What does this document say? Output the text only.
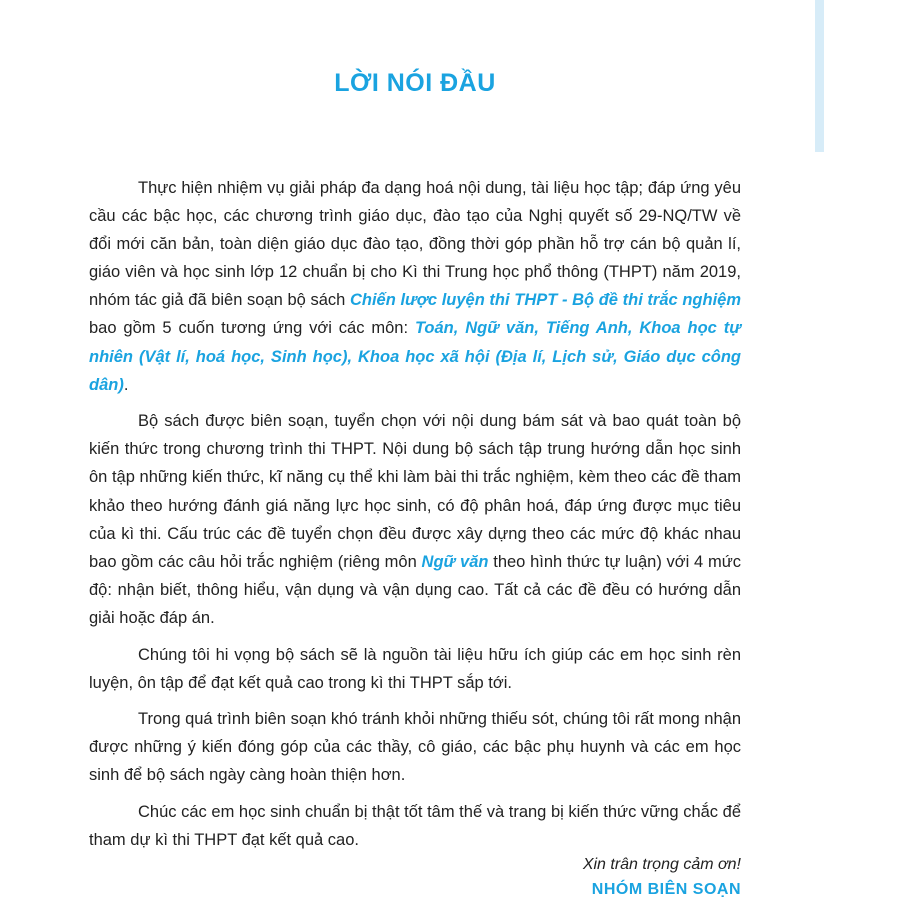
LỜI NÓI ĐẦU

Thực hiện nhiệm vụ giải pháp đa dạng hoá nội dung, tài liệu học tập; đáp ứng yêu cầu các bậc học, các chương trình giáo dục, đào tạo của Nghị quyết số 29-NQ/TW về đổi mới căn bản, toàn diện giáo dục đào tạo, đồng thời góp phần hỗ trợ cán bộ quản lí, giáo viên và học sinh lớp 12 chuẩn bị cho Kì thi Trung học phổ thông (THPT) năm 2019, nhóm tác giả đã biên soạn bộ sách Chiến lược luyện thi THPT - Bộ đề thi trắc nghiệm bao gồm 5 cuốn tương ứng với các môn: Toán, Ngữ văn, Tiếng Anh, Khoa học tự nhiên (Vật lí, hoá học, Sinh học), Khoa học xã hội (Địa lí, Lịch sử, Giáo dục công dân).

Bộ sách được biên soạn, tuyển chọn với nội dung bám sát và bao quát toàn bộ kiến thức trong chương trình thi THPT. Nội dung bộ sách tập trung hướng dẫn học sinh ôn tập những kiến thức, kĩ năng cụ thể khi làm bài thi trắc nghiệm, kèm theo các đề tham khảo theo hướng đánh giá năng lực học sinh, có độ phân hoá, đáp ứng được mục tiêu của kì thi. Cấu trúc các đề tuyển chọn đều được xây dựng theo các mức độ khác nhau bao gồm các câu hỏi trắc nghiệm (riêng môn Ngữ văn theo hình thức tự luận) với 4 mức độ: nhận biết, thông hiểu, vận dụng và vận dụng cao. Tất cả các đề đều có hướng dẫn giải hoặc đáp án.

Chúng tôi hi vọng bộ sách sẽ là nguồn tài liệu hữu ích giúp các em học sinh rèn luyện, ôn tập để đạt kết quả cao trong kì thi THPT sắp tới.

Trong quá trình biên soạn khó tránh khỏi những thiếu sót, chúng tôi rất mong nhận được những ý kiến đóng góp của các thầy, cô giáo, các bậc phụ huynh và các em học sinh để bộ sách ngày càng hoàn thiện hơn.

Chúc các em học sinh chuẩn bị thật tốt tâm thế và trang bị kiến thức vững chắc để tham dự kì thi THPT đạt kết quả cao.

Xin trân trọng cảm ơn!
NHÓM BIÊN SOẠN
